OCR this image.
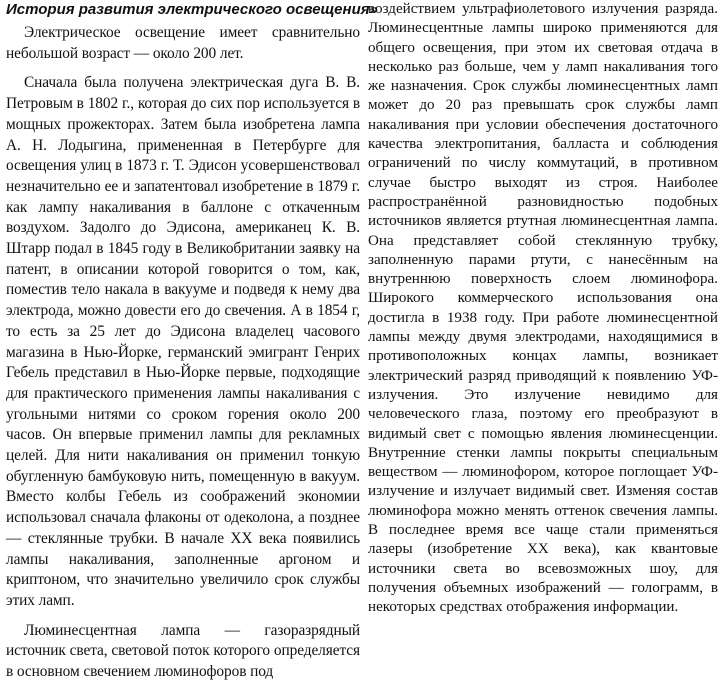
История развития электрического освещения»

Электрическое освещение имеет сравнительно небольшой возраст — около 200 лет.

Сначала была получена электрическая дуга В. В. Петровым в 1802 г., которая до сих пор используется в мощных прожекторах. Затем была изобретена лампа А. Н. Лодыгина, примененная в Петербурге для освещения улиц в 1873 г. Т. Эдисон усовершенствовал незначительно ее и запатентовал изобретение в 1879 г. как лампу накаливания в баллоне с откаченным воздухом. Задолго до Эдисона, американец К. В. Штарр подал в 1845 году в Великобритании заявку на патент, в описании которой говорится о том, как, поместив тело накала в вакууме и подведя к нему два электрода, можно довести его до свечения. А в 1854 г, то есть за 25 лет до Эдисона владелец часового магазина в Нью-Йорке, германский эмигрант Генрих Гебель представил в Нью-Йорке первые, подходящие для практического применения лампы накаливания с угольными нитями со сроком горения около 200 часов. Он впервые применил лампы для рекламных целей. Для нити накаливания он применил тонкую обугленную бамбуковую нить, помещенную в вакуум. Вместо колбы Гебель из соображений экономии использовал сначала флаконы от одеколона, а позднее — стеклянные трубки. В начале XX века появились лампы накаливания, заполненные аргоном и криптоном, что значительно увеличило срок службы этих ламп.

Люминесцентная лампа — газоразрядный источник света, световой поток которого определяется в основном свечением люминофоров под

воздействием ультрафиолетового излучения разряда. Люминесцентные лампы широко применяются для общего освещения, при этом их световая отдача в несколько раз больше, чем у ламп накаливания того же назначения. Срок службы люминесцентных ламп может до 20 раз превышать срок службы ламп накаливания при условии обеспечения достаточного качества электропитания, балласта и соблюдения ограничений по числу коммутаций, в противном случае быстро выходят из строя. Наиболее распространённой разновидностью подобных источников является ртутная люминесцентная лампа. Она представляет собой стеклянную трубку, заполненную парами ртути, с нанесённым на внутреннюю поверхность слоем люминофора. Широкого коммерческого использования она достигла в 1938 году. При работе люминесцентной лампы между двумя электродами, находящимися в противоположных концах лампы, возникает электрический разряд приводящий к появлению УФ-излучения. Это излучение невидимо для человеческого глаза, поэтому его преобразуют в видимый свет с помощью явления люминесценции. Внутренние стенки лампы покрыты специальным веществом — люминофором, которое поглощает УФ-излучение и излучает видимый свет. Изменяя состав люминофора можно менять оттенок свечения лампы. В последнее время все чаще стали применяться лазеры (изобретение XX века), как квантовые источники света во всевозможных шоу, для получения объемных изображений — голограмм, в некоторых средствах отображения информации.
